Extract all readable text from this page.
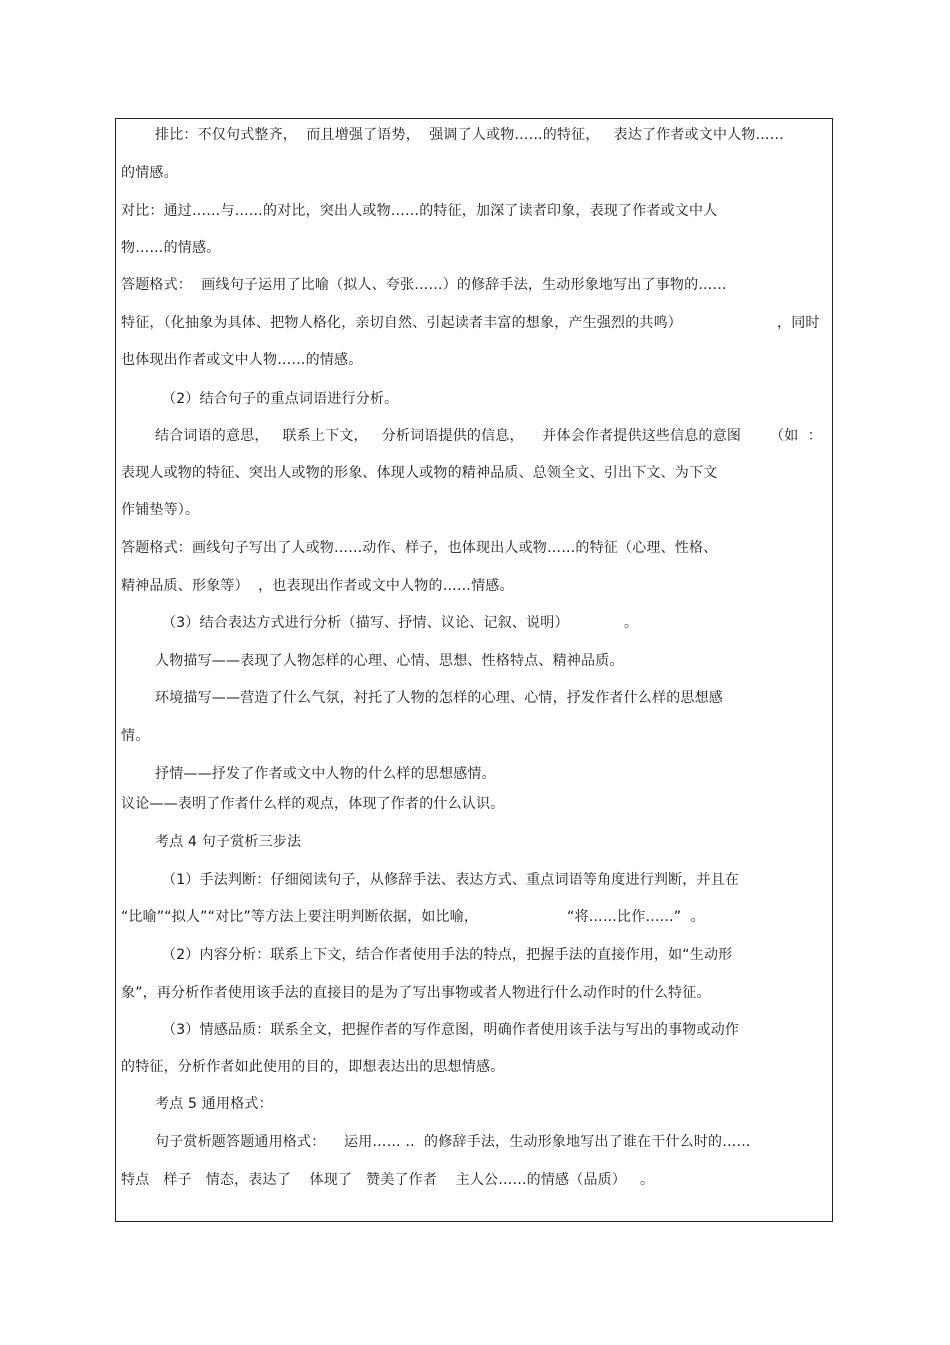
排比：不仅句式整齐，  而且增强了语势，  强调了人或物……的特征，   表达了作者或文中人物……
的情感。
对比：通过……与……的对比，突出人或物……的特征，加深了读者印象，表现了作者或文中人
物……的情感。
答题格式：  画线句子运用了比喻（拟人、夸张……）的修辞手法，生动形象地写出了事物的……
特征，（化抽象为具体、把物人格化，亲切自然、引起读者丰富的想象，产生强烈的共鸣）	，同时
也体现出作者或文中人物……的情感。
（2）结合句子的重点词语进行分析。
结合词语的意思，   联系上下文，   分析词语提供的信息，    并体会作者提供这些信息的意图 （如  ：
表现人或物的特征、突出人或物的形象、体现人或物的精神品质、总领全文、引出下文、为下文
作铺垫等）。
答题格式：画线句子写出了人或物……动作、样子，也体现出人或物……的特征（心理、性格、
精神品质、形象等）  ，也表现出作者或文中人物的……情感。
（3）结合表达方式进行分析（描写、抒情、议论、记叙、说明）	。
人物描写——表现了人物怎样的心理、心情、思想、性格特点、精神品质。
环境描写——营造了什么气氛，衬托了人物的怎样的心理、心情，抒发作者什么样的思想感
情。
抒情——抒发了作者或文中人物的什么样的思想感情。
议论——表明了作者什么样的观点，体现了作者的什么认识。
考点 4 句子赏析三步法
（1）手法判断：仔细阅读句子，从修辞手法、表达方式、重点词语等角度进行判断，并且在
“比喻”“拟人”“对比”等方法上要注明判断依据，如比喻，	“将……比作……”  。
（2）内容分析：联系上下文，结合作者使用手法的特点，把握手法的直接作用，如“生动形
象”，再分析作者使用该手法的直接目的是为了写出事物或者人物进行什么动作时的什么特征。
（3）情感品质：联系全文，把握作者的写作意图，明确作者使用该手法与写出的事物或动作
的特征，分析作者如此使用的目的，即想表达出的思想情感。
考点 5 通用格式：
句子赏析题答题通用格式：    运用…… ..  的修辞手法，生动形象地写出了谁在干什么时的……
特点   样子   情态，表达了    体现了   赞美了作者    主人公……的情感（品质）   。
